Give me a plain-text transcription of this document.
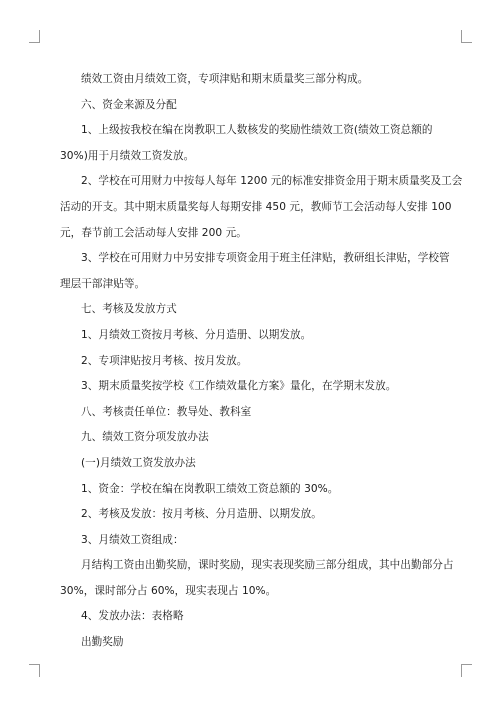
绩效工资由月绩效工资，专项津贴和期末质量奖三部分构成。
六、资金来源及分配
1、上级按我校在编在岗教职工人数核发的奖励性绩效工资(绩效工资总额的
30%)用于月绩效工资发放。
2、学校在可用财力中按每人每年 1200 元的标准安排资金用于期末质量奖及工会
活动的开支。其中期末质量奖每人每期安排 450 元，教师节工会活动每人安排 100
元，春节前工会活动每人安排 200 元。
3、学校在可用财力中另安排专项资金用于班主任津贴，教研组长津贴，学校管
理层干部津贴等。
七、考核及发放方式
1、月绩效工资按月考核、分月造册、以期发放。
2、专项津贴按月考核、按月发放。
3、期末质量奖按学校《工作绩效量化方案》量化，在学期末发放。
八、考核责任单位：教导处、教科室
九、绩效工资分项发放办法
(一)月绩效工资发放办法
1、资金：学校在编在岗教职工绩效工资总额的 30%。
2、考核及发放：按月考核、分月造册、以期发放。
3、月绩效工资组成：
月结构工资由出勤奖励，课时奖励，现实表现奖励三部分组成，其中出勤部分占
30%，课时部分占 60%，现实表现占 10%。
4、发放办法：表格略
出勤奖励
